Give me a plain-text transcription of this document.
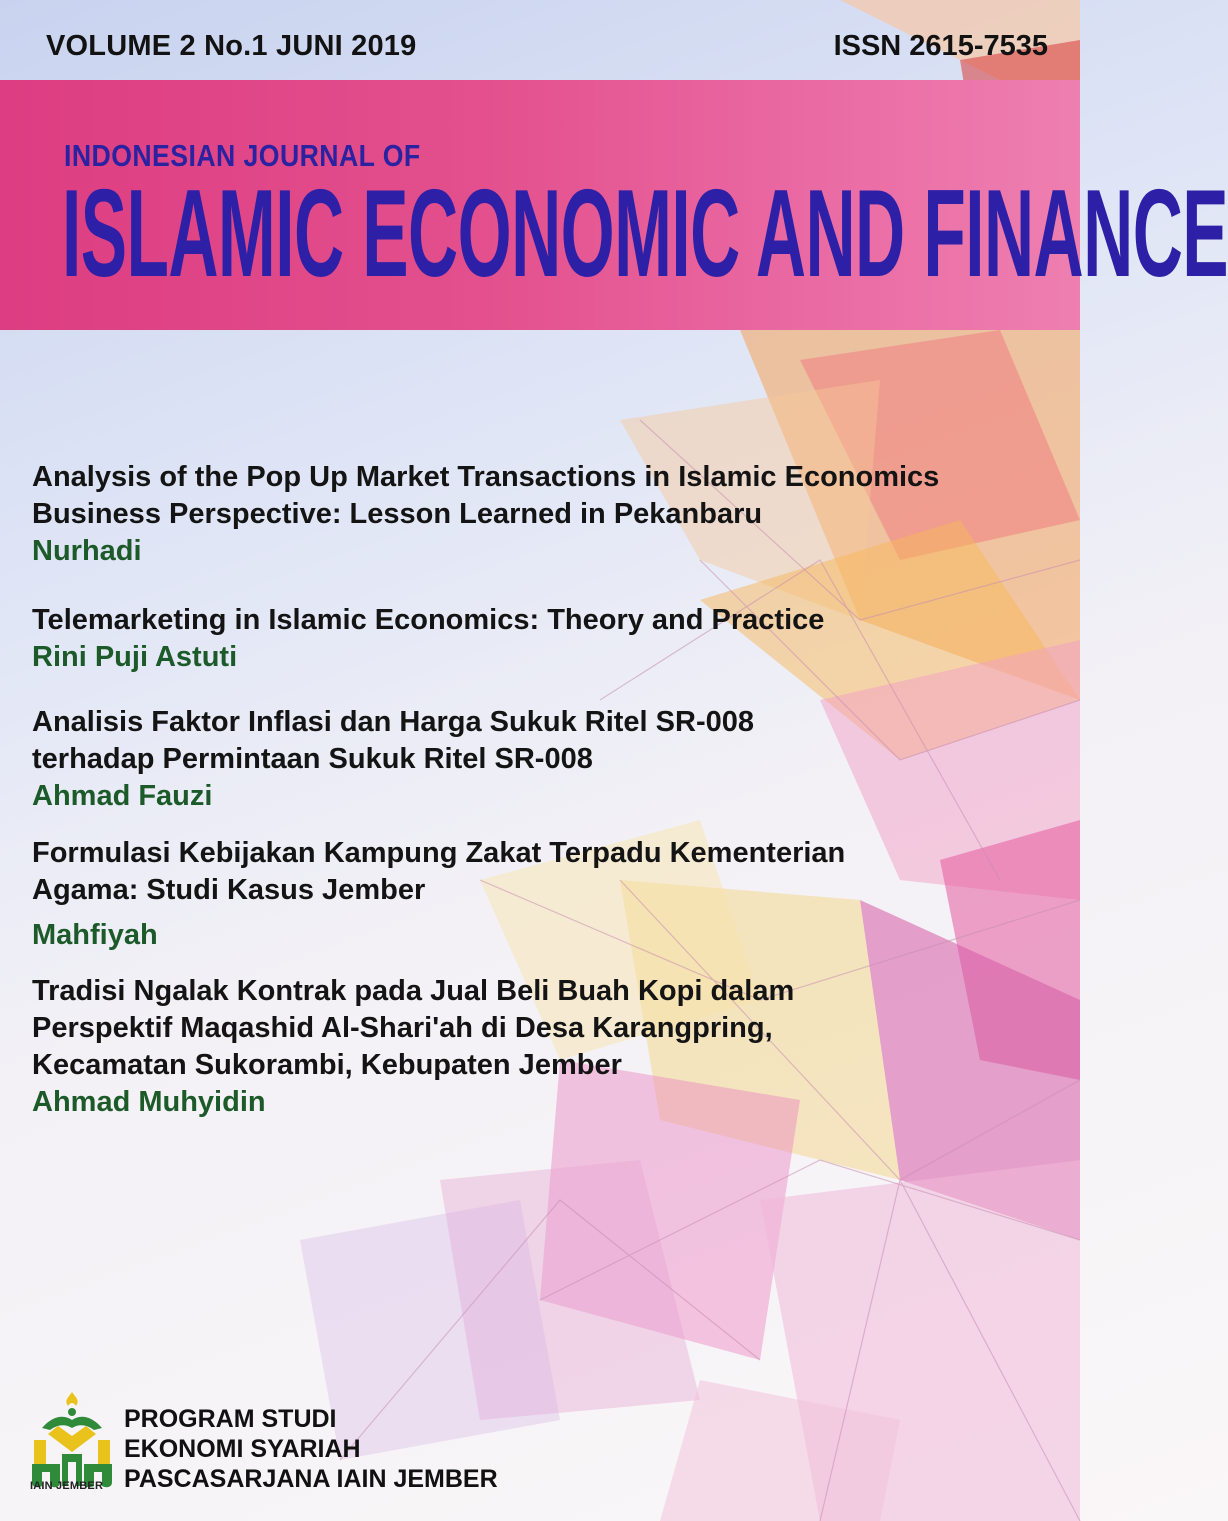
VOLUME 2 No.1 JUNI 2019	ISSN 2615-7535
INDONESIAN JOURNAL OF
ISLAMIC ECONOMIC AND FINANCE

Analysis of the Pop Up Market Transactions in Islamic Economics

Business Perspective: Lesson Learned in Pekanbaru

Nurhadi

Telemarketing in Islamic Economics: Theory and Practice

Rini Puji Astuti

Analisis Faktor Inflasi dan Harga Sukuk Ritel SR-008

terhadap Permintaan Sukuk Ritel SR-008

Ahmad Fauzi

Formulasi Kebijakan Kampung Zakat Terpadu Kementerian

Agama: Studi Kasus Jember

Mahfiyah

Tradisi Ngalak Kontrak pada Jual Beli Buah Kopi dalam

Perspektif Maqashid Al-Shari'ah di Desa Karangpring,

Kecamatan Sukorambi, Kebupaten Jember

Ahmad Muhyidin

IAIN JEMBER
PROGRAM STUDI
EKONOMI SYARIAH
PASCASARJANA IAIN JEMBER
